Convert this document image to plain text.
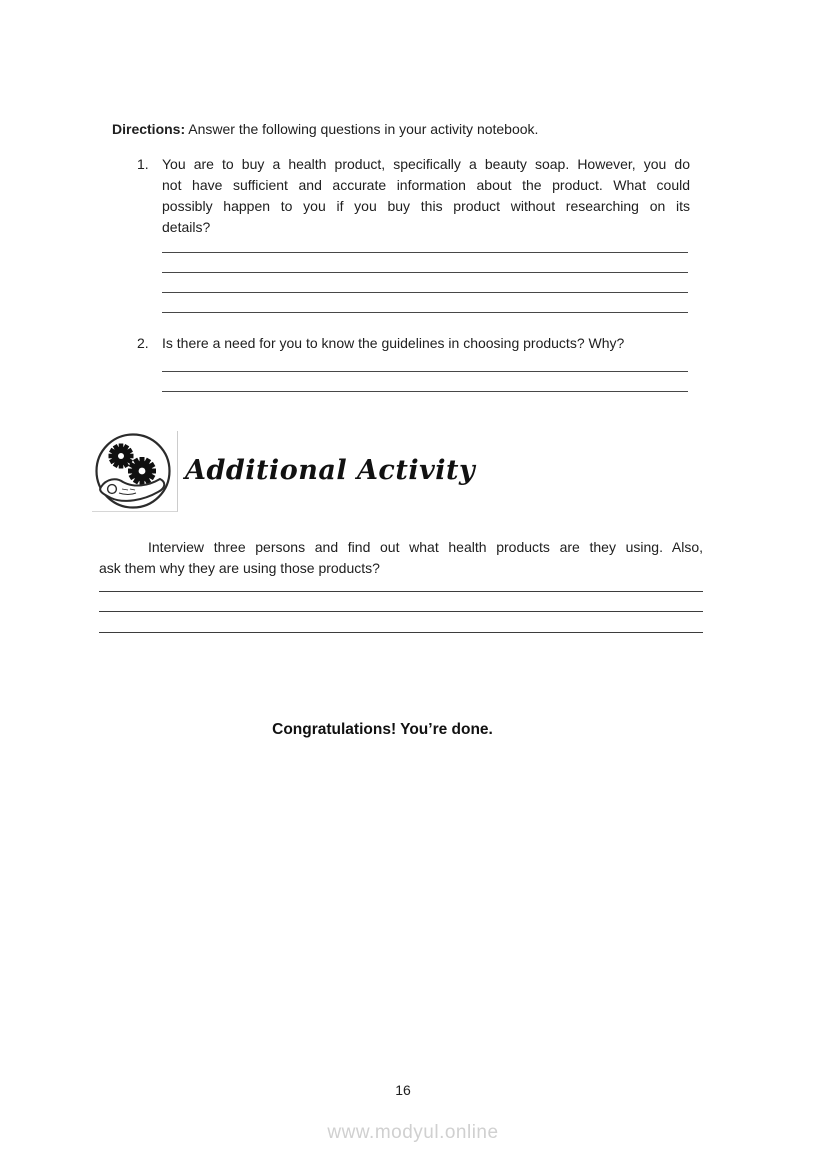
Directions: Answer the following questions in your activity notebook.

1. You are to buy a health product, specifically a beauty soap. However, you do
not have sufficient and accurate information about the product. What could
possibly happen to you if you buy this product without researching on its
details?
2. Is there a need for you to know the guidelines in choosing products? Why?
Additional Activity
Interview three persons and find out what health products are they using. Also,
ask them why they are using those products?

Congratulations! You’re done.

16
www.modyul.online
